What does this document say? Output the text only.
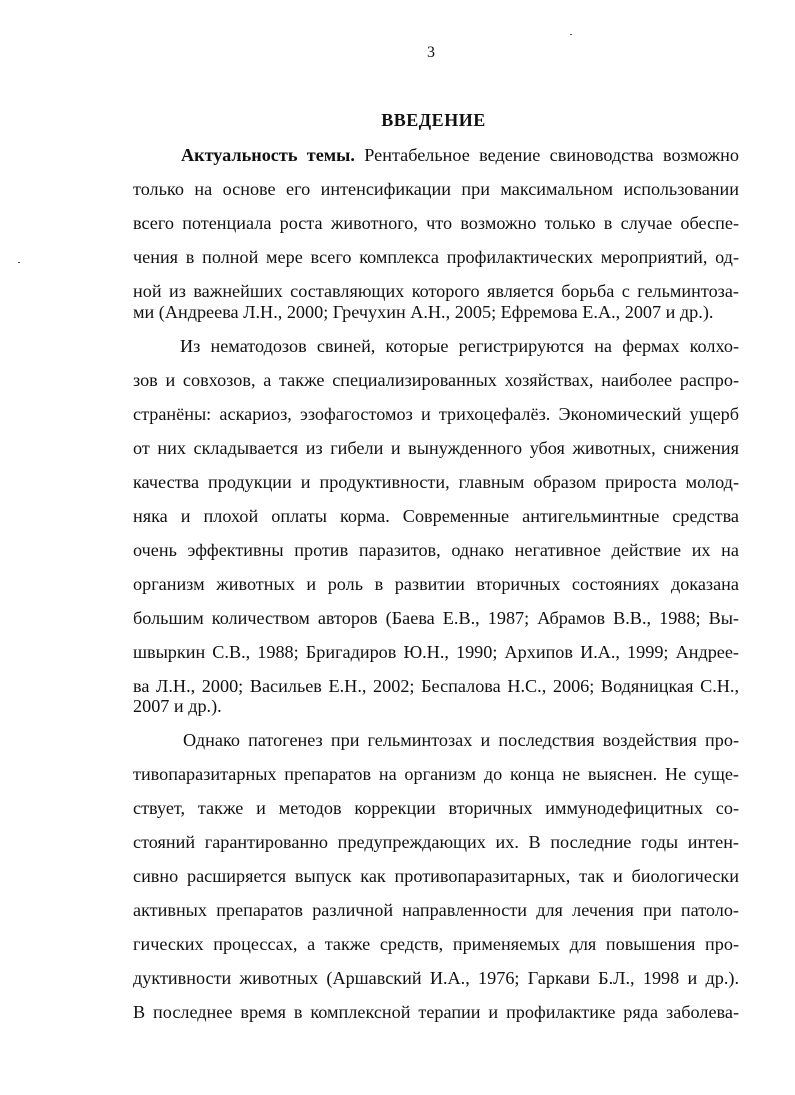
3
ВВЕДЕНИЕ
Актуальность темы. Рентабельное ведение свиноводства возможно
только на основе его интенсификации при максимальном использовании
всего потенциала роста животного, что возможно только в случае обеспе-
чения в полной мере всего комплекса профилактических мероприятий, од-
ной из важнейших составляющих которого является борьба с гельминтоза-
ми (Андреева Л.Н., 2000; Гречухин А.Н., 2005; Ефремова Е.А., 2007 и др.).
Из нематодозов свиней, которые регистрируются на фермах колхо-
зов и совхозов, а также специализированных хозяйствах, наиболее распро-
странёны: аскариоз, эзофагостомоз и трихоцефалёз. Экономический ущерб
от них складывается из гибели и вынужденного убоя животных, снижения
качества продукции и продуктивности, главным образом прироста молод-
няка и плохой оплаты корма. Современные антигельминтные средства
очень эффективны против паразитов, однако негативное действие их на
организм животных и роль в развитии вторичных состояниях доказана
большим количеством авторов (Баева Е.В., 1987; Абрамов В.В., 1988; Вы-
швыркин С.В., 1988; Бригадиров Ю.Н., 1990; Архипов И.А., 1999; Андрее-
ва Л.Н., 2000; Васильев Е.Н., 2002; Беспалова Н.С., 2006; Водяницкая С.Н.,
2007 и др.).
Однако патогенез при гельминтозах и последствия воздействия про-
тивопаразитарных препаратов на организм до конца не выяснен. Не суще-
ствует, также и методов коррекции вторичных иммунодефицитных со-
стояний гарантированно предупреждающих их. В последние годы интен-
сивно расширяется выпуск как противопаразитарных, так и биологически
активных препаратов различной направленности для лечения при патоло-
гических процессах, а также средств, применяемых для повышения про-
дуктивности животных (Аршавский И.А., 1976; Гаркави Б.Л., 1998 и др.).
В последнее время в комплексной терапии и профилактике ряда заболева-
